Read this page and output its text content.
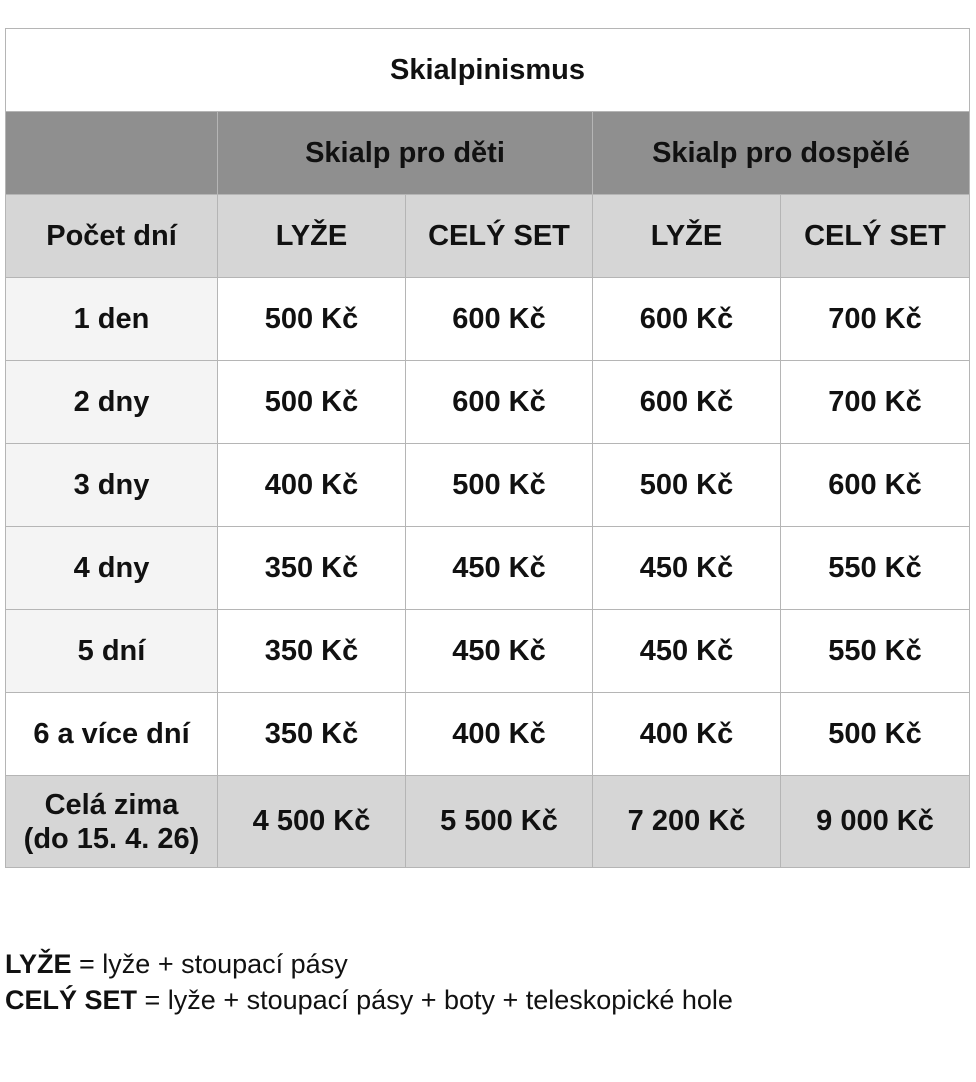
Skialpinismus				
	Skialp pro děti		Skialp pro dospělé	
Počet dní	LYŽE	CELÝ SET	LYŽE	CELÝ SET
1 den	500 Kč	600 Kč	600 Kč	700 Kč
2 dny	500 Kč	600 Kč	600 Kč	700 Kč
3 dny	400 Kč	500 Kč	500 Kč	600 Kč
4 dny	350 Kč	450 Kč	450 Kč	550 Kč
5 dní	350 Kč	450 Kč	450 Kč	550 Kč
6 a více dní	350 Kč	400 Kč	400 Kč	500 Kč

Celá zima
(do 15. 4. 26)	4 500 Kč	5 500 Kč	7 200 Kč	9 000 Kč
LYŽE = lyže + stoupací pásy
CELÝ SET = lyže + stoupací pásy + boty + teleskopické hole
